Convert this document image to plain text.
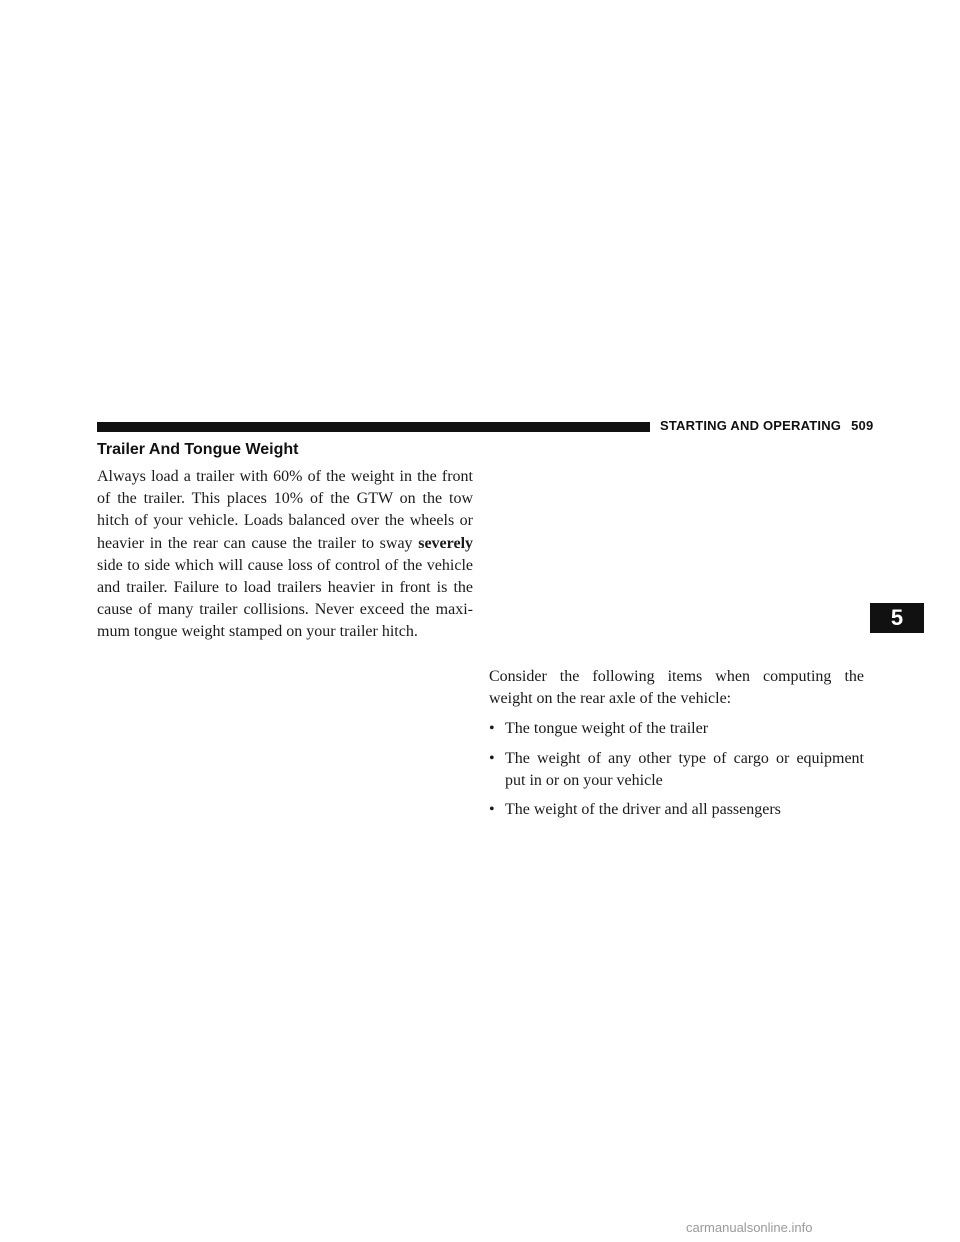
STARTING AND OPERATING 509
Trailer And Tongue Weight
Always load a trailer with 60% of the weight in the front
of the trailer. This places 10% of the GTW on the tow
hitch of your vehicle. Loads balanced over the wheels or
heavier in the rear can cause the trailer to sway severely
side to side which will cause loss of control of the vehicle
and trailer. Failure to load trailers heavier in front is the
cause of many trailer collisions. Never exceed the maxi-
mum tongue weight stamped on your trailer hitch.
5
Consider the following items when computing the
weight on the rear axle of the vehicle:
• The tongue weight of the trailer
• The weight of any other type of cargo or equipment
put in or on your vehicle
• The weight of the driver and all passengers
carmanualsonline.info
